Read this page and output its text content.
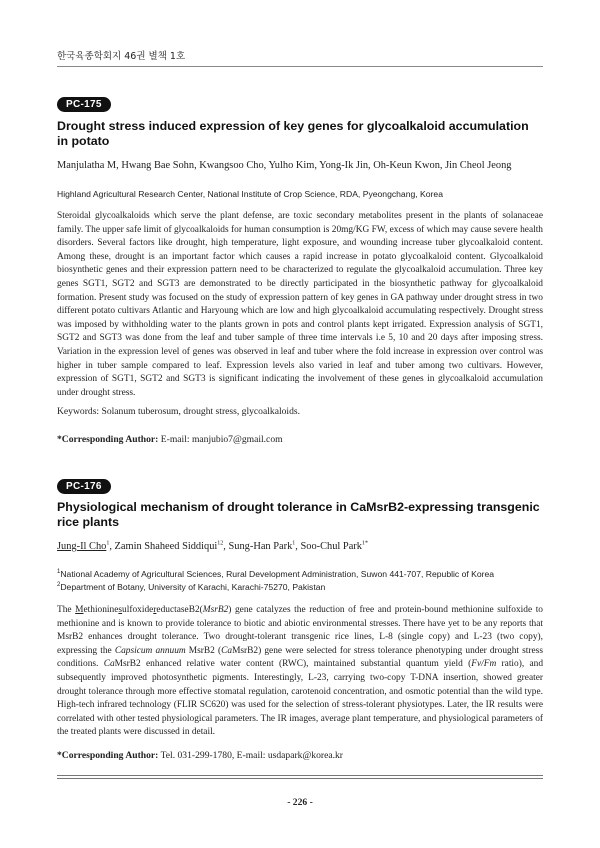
한국육종학회지 46권 별책 1호
PC-175
Drought stress induced expression of key genes for glycoalkaloid accumulation in potato
Manjulatha M, Hwang Bae Sohn, Kwangsoo Cho, Yulho Kim, Yong-Ik Jin, Oh-Keun Kwon, Jin Cheol Jeong
Highland Agricultural Research Center, National Institute of Crop Science, RDA, Pyeongchang, Korea

Steroidal glycoalkaloids which serve the plant defense, are toxic secondary metabolites present in the plants of solanaceae family. The upper safe limit of glycoalkaloids for human consumption is 20mg/KG FW, excess of which may cause severe health disorders. Several factors like drought, high temperature, light exposure, and wounding increase tuber glycoalkaloid content. Among these, drought is an important factor which causes a rapid increase in potato glycoalkaloid content. Glycoalkaloid biosynthetic genes and their expression pattern need to be characterized to regulate the glycoalkaloid accumulation. Three key genes SGT1, SGT2 and SGT3 are demonstrated to be directly participated in the biosynthetic pathway for glycoalkaloid formation. Present study was focused on the study of expression pattern of key genes in GA pathway under drought stress in two different potato cultivars Atlantic and Haryoung which are low and high glycoalkaloid accumulating respectively. Drought stress was imposed by withholding water to the plants grown in pots and control plants kept irrigated. Expression analysis of SGT1, SGT2 and SGT3 was done from the leaf and tuber sample of three time intervals i.e 5, 10 and 20 days after imposing stress. Variation in the expression level of genes was observed in leaf and tuber where the fold increase in expression over control was higher in tuber sample compared to leaf. Expression levels also varied in leaf and tuber among two cultivars. However, expression of SGT1, SGT2 and SGT3 is significant indicating the involvement of these genes in glycoalkaloid accumulation under drought stress.

Keywords: Solanum tuberosum, drought stress, glycoalkaloids.
*Corresponding Author: E-mail: manjubio7@gmail.com
PC-176
Physiological mechanism of drought tolerance in CaMsrB2-expressing transgenic rice plants
Jung-Il Cho$^1$, Zamin Shaheed Siddiqui$^{12}$, Sung-Han Park$^1$, Soo-Chul Park$^{1*}$
$^1$National Academy of Agricultural Sciences, Rural Development Administration, Suwon 441-707, Republic of Korea
$^2$Department of Botany, University of Karachi, Karachi-75270, Pakistan

The MethioninesulfoxidereductaseB2(MsrB2) gene catalyzes the reduction of free and protein-bound methionine sulfoxide to methionine and is known to provide tolerance to biotic and abiotic environmental stresses. There have yet to be any reports that MsrB2 enhances drought tolerance. Two drought-tolerant transgenic rice lines, L-8 (single copy) and L-23 (two copy), expressing the Capsicum annuum MsrB2 (CaMsrB2) gene were selected for stress tolerance phenotyping under drought stress conditions. CaMsrB2 enhanced relative water content (RWC), maintained substantial quantum yield (Fv/Fm ratio), and subsequently improved photosynthetic pigments. Interestingly, L-23, carrying two-copy T-DNA insertion, showed greater drought tolerance through more effective stomatal regulation, carotenoid concentration, and osmotic potential than the wild type. High-tech infrared technology (FLIR SC620) was used for the selection of stress-tolerant physiotypes. Later, the IR results were correlated with other tested physiological parameters. The IR images, average plant temperature, and physiological parameters of the treated plants were discussed in detail.

*Corresponding Author: Tel. 031-299-1780, E-mail: usdapark@korea.kr
- 226 -
